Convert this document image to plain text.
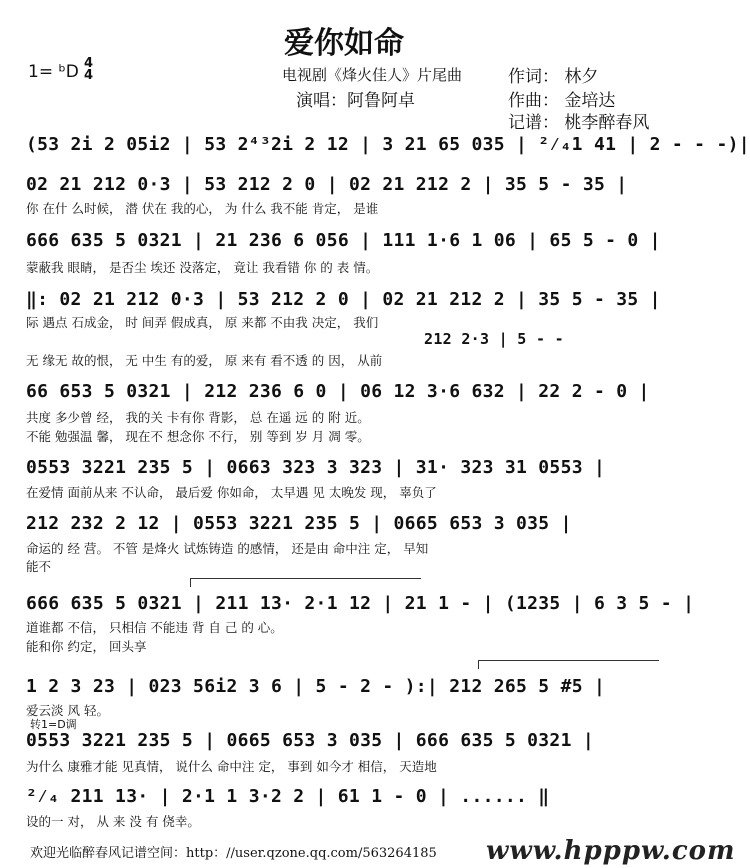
爱你如命
1= ᵇD 4
4	电视剧《烽火佳人》片尾曲
演唱：阿鲁阿卓
作词： 林夕
作曲： 金培达
记谱： 桃李醉春风
(53 2i 2 05i2 | 53 2⁴³2i 2 12 | 3 21 65 035 | ²⁄₄1 41 | 2 - - -)|
02 21 212 0·3 | 53 212 2 0 | 02 21 212 2 | 35 5 - 35 |
你 在什 么时候， 潜 伏在 我的心， 为 什么 我不能 肯定， 是谁
666 635 5 0321 | 21 236 6 056 | 111 1·6 1 06 | 65 5 - 0 |
蒙蔽我 眼睛， 是否尘 埃还 没落定， 竟让 我看错 你 的 表 情。
‖: 02 21 212 0·3 | 53 212 2 0 | 02 21 212 2 | 35 5 - 35 |
际 遇点 石成金， 时 间弄 假成真， 原 来都 不由我 决定， 我们
212 2·3 | 5 - -
无 缘无 故的恨， 无 中生 有的爱， 原 来有 看不透 的 因， 从前
66 653 5 0321 | 212 236 6 0 | 06 12 3·6 632 | 22 2 - 0 |
共度 多少曾 经， 我的关 卡有你 背影， 总 在遥 远 的 附 近。
不能 勉强温 馨， 现在不 想念你 不行， 别 等到 岁 月 凋 零。
0553 3221 235 5 | 0663 323 3 323 | 31· 323 31 0553 |
在爱情 面前从来 不认命， 最后爱 你如命， 太早遇 见 太晚发 现， 辜负了
212 232 2 12 | 0553 3221 235 5 | 0665 653 3 035 |
命运的 经 营。 不管 是烽火 试炼铸造 的感情， 还是由 命中注 定， 早知
能不
666 635 5 0321 | 211 13· 2·1 12 | 21 1 - | (1235 | 6 3 5 - |
道谁都 不信， 只相信 不能违 背 自 己 的 心。
能和你 约定， 回头享
1 2 3 23 | 023 56i2 3 6 | 5 - 2 - ):| 212 265 5 #5 |
爱云淡 风 轻。
转1=D调
0553 3221 235 5 | 0665 653 3 035 | 666 635 5 0321 |
为什么 康雅才能 见真情， 说什么 命中注 定， 事到 如今才 相信， 天造地
²⁄₄ 211 13· | 2·1 1 3·2 2 | 61 1 - 0 | ...... ‖
设的一 对， 从 来 没 有 侥幸。
欢迎光临醉春风记谱空间：http：//user.qzone.qq.com/563264185 www.hpppw.com
